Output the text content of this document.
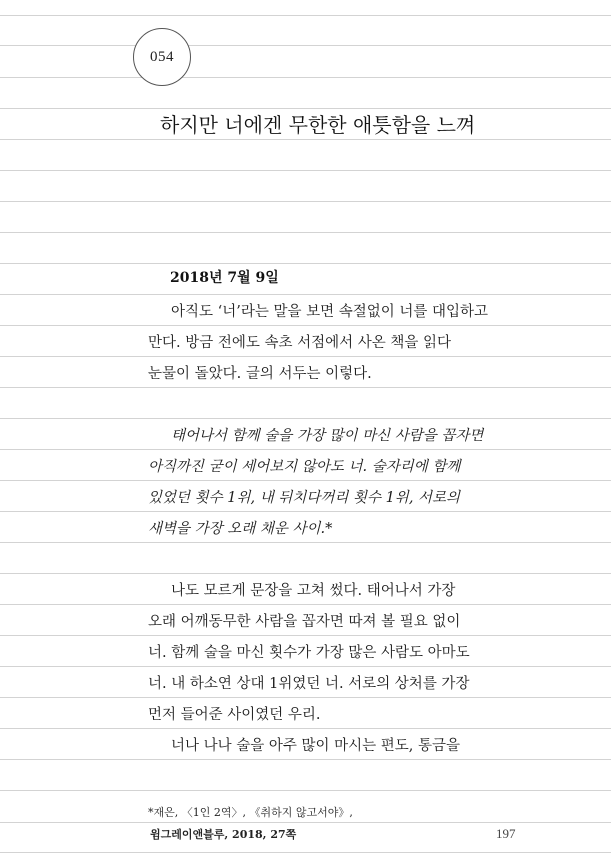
054
하지만 너에겐 무한한 애틋함을 느껴
2018년 7월 9일
아직도 ‘너’라는 말을 보면 속절없이 너를 대입하고
만다. 방금 전에도 속초 서점에서 사온 책을 읽다
눈물이 돌았다. 글의 서두는 이렇다.
태어나서 함께 술을 가장 많이 마신 사람을 꼽자면
아직까진 굳이 세어보지 않아도 너. 술자리에 함께
있었던 횟수 1위, 내 뒤치다꺼리 횟수 1위, 서로의
새벽을 가장 오래 채운 사이.*
나도 모르게 문장을 고쳐 썼다. 태어나서 가장
오래 어깨동무한 사람을 꼽자면 따져 볼 필요 없이
너. 함께 술을 마신 횟수가 가장 많은 사람도 아마도
너. 내 하소연 상대 1위였던 너. 서로의 상처를 가장
먼저 들어준 사이였던 우리.
너나 나나 술을 아주 많이 마시는 편도, 통금을
*재은, 〈1인 2역〉, 《취하지 않고서야》,
윔그레이앤블루, 2018, 27쪽	197
